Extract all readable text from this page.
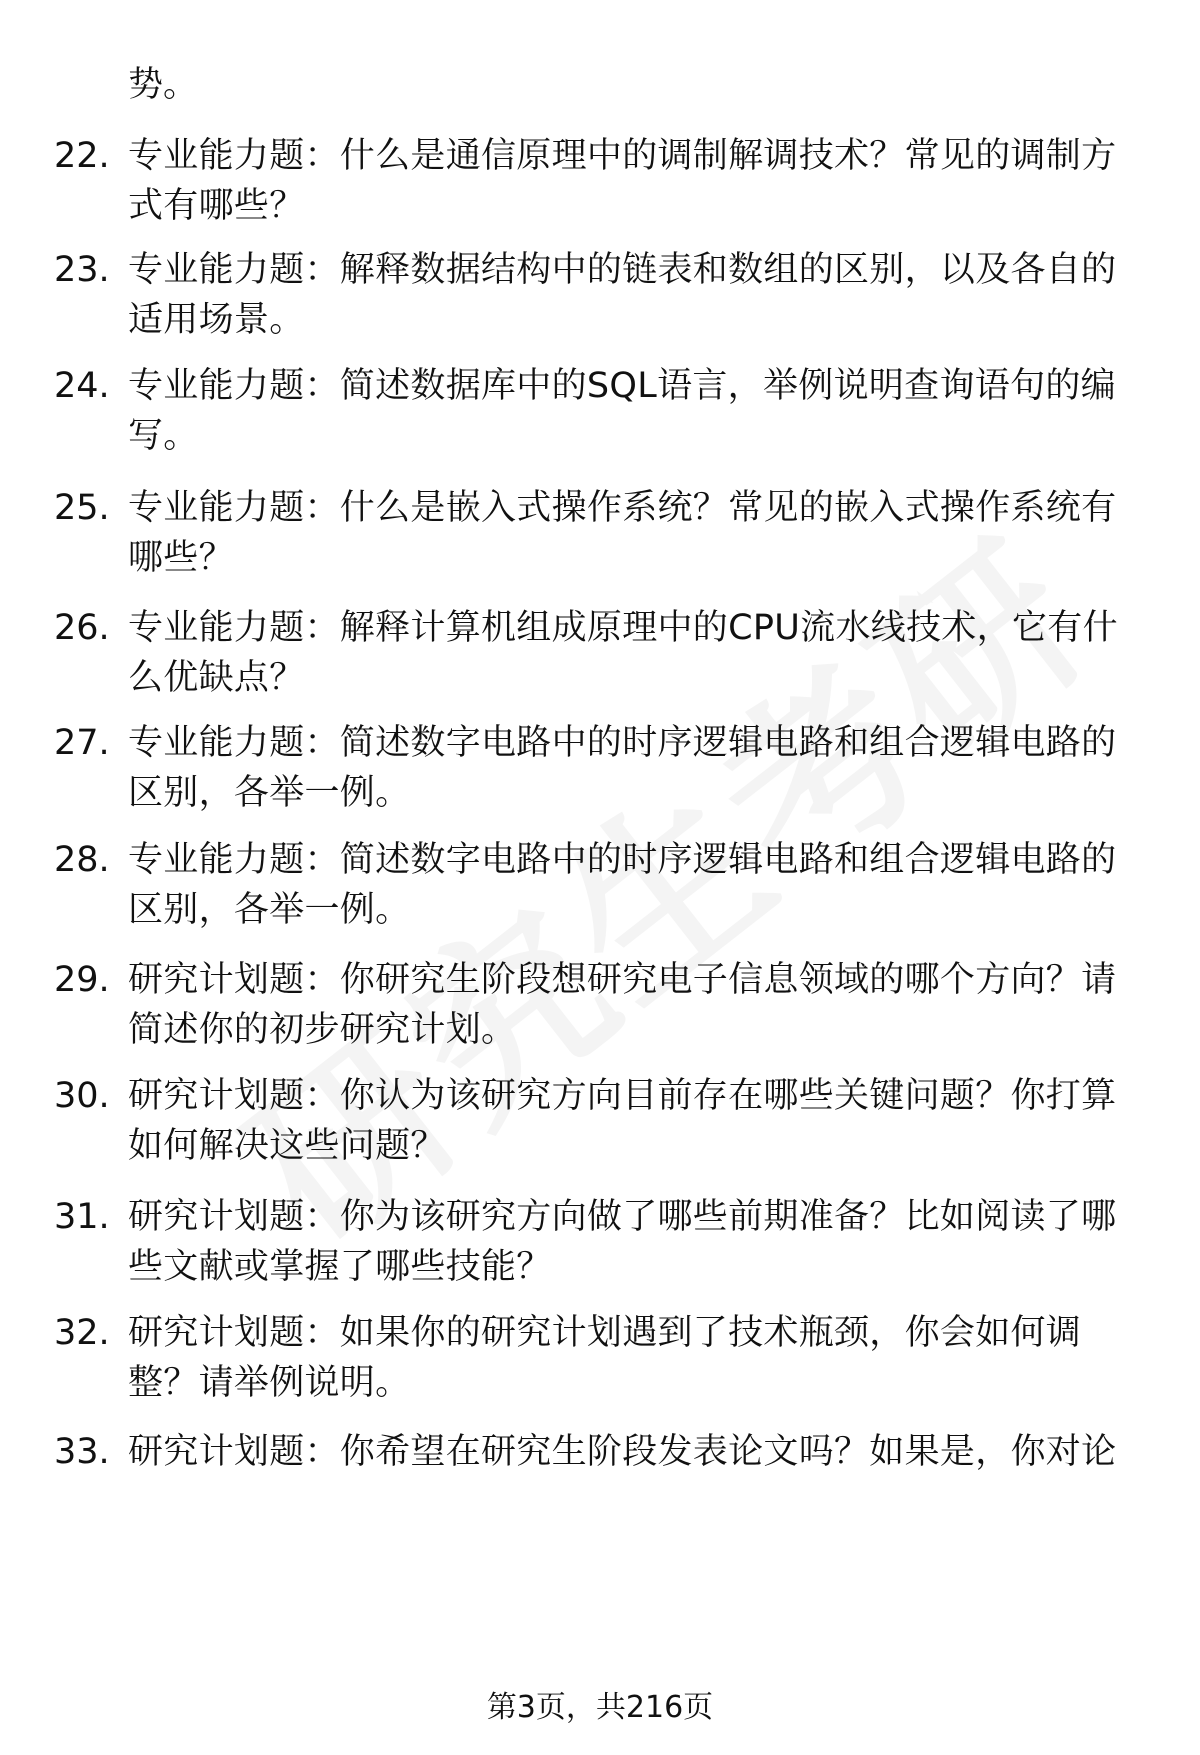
势。
22. 专业能力题：什么是通信原理中的调制解调技术？常见的调制方式有哪些？
23. 专业能力题：解释数据结构中的链表和数组的区别，以及各自的适用场景。
24. 专业能力题：简述数据库中的SQL语言，举例说明查询语句的编写。
25. 专业能力题：什么是嵌入式操作系统？常见的嵌入式操作系统有哪些？
26. 专业能力题：解释计算机组成原理中的CPU流水线技术，它有什么优缺点？
27. 专业能力题：简述数字电路中的时序逻辑电路和组合逻辑电路的区别，各举一例。
28. 专业能力题：简述数字电路中的时序逻辑电路和组合逻辑电路的区别，各举一例。
29. 研究计划题：你研究生阶段想研究电子信息领域的哪个方向？请简述你的初步研究计划。
30. 研究计划题：你认为该研究方向目前存在哪些关键问题？你打算如何解决这些问题？
31. 研究计划题：你为该研究方向做了哪些前期准备？比如阅读了哪些文献或掌握了哪些技能？
32. 研究计划题：如果你的研究计划遇到了技术瓶颈，你会如何调整？请举例说明。
33. 研究计划题：你希望在研究生阶段发表论文吗？如果是，你对论
第3页，共216页
